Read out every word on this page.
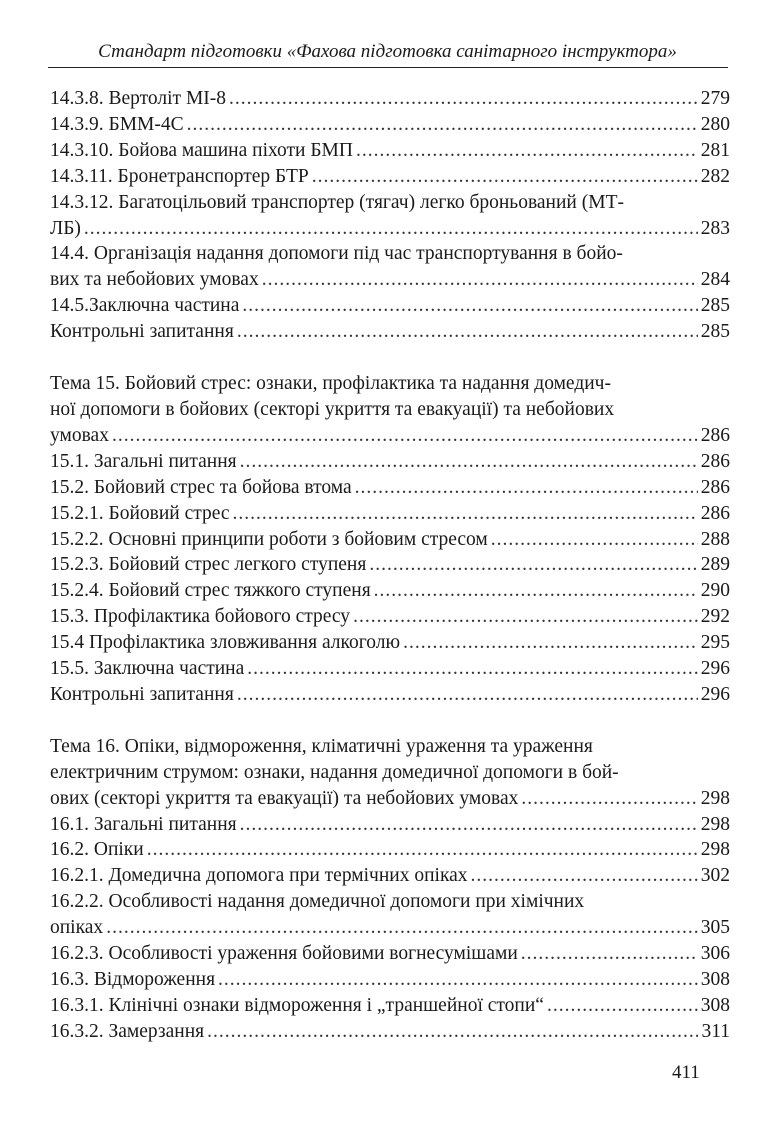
Стандарт підготовки «Фахова підготовка санітарного інструктора»
14.3.8. Вертоліт МІ-8 .....	279
14.3.9. БММ-4С .....	280
14.3.10. Бойова машина піхоти БМП .....	281
14.3.11. Бронетранспортер БТР .....	282
14.3.12. Багатоцільовий транспортер (тягач) легко броньований (МТ-
ЛБ) .....	283
14.4. Організація надання допомоги під час транспортування в бойо-
вих та небойових умовах .....	284
14.5.Заключна частина .....	285
Контрольні запитання .....	285
Тема 15. Бойовий стрес: ознаки, профілактика та надання домедич-
ної допомоги в бойових (секторі укриття та евакуації) та небойових
умовах .....	286
15.1. Загальні питання .....	286
15.2. Бойовий стрес та бойова втома .....	286
15.2.1. Бойовий стрес .....	286
15.2.2. Основні принципи роботи з бойовим стресом .....	288
15.2.3. Бойовий стрес легкого ступеня .....	289
15.2.4. Бойовий стрес тяжкого ступеня .....	290
15.3. Профілактика бойового стресу .....	292
15.4 Профілактика зловживання алкоголю .....	295
15.5. Заключна частина .....	296
Контрольні запитання .....	296
Тема 16. Опіки, відмороження, кліматичні ураження та ураження
електричним струмом: ознаки, надання домедичної допомоги в бой-
ових (секторі укриття та евакуації) та небойових умовах .....	298
16.1. Загальні питання .....	298
16.2. Опіки .....	298
16.2.1. Домедична допомога при термічних опіках .....	302
16.2.2. Особливості надання домедичної допомоги при хімічних
опіках .....	305
16.2.3. Особливості ураження бойовими вогнесумішами .....	306
16.3. Відмороження .....	308
16.3.1. Клінічні ознаки відмороження і „траншейної стопи“ .....	308
16.3.2. Замерзання .....	311
411
